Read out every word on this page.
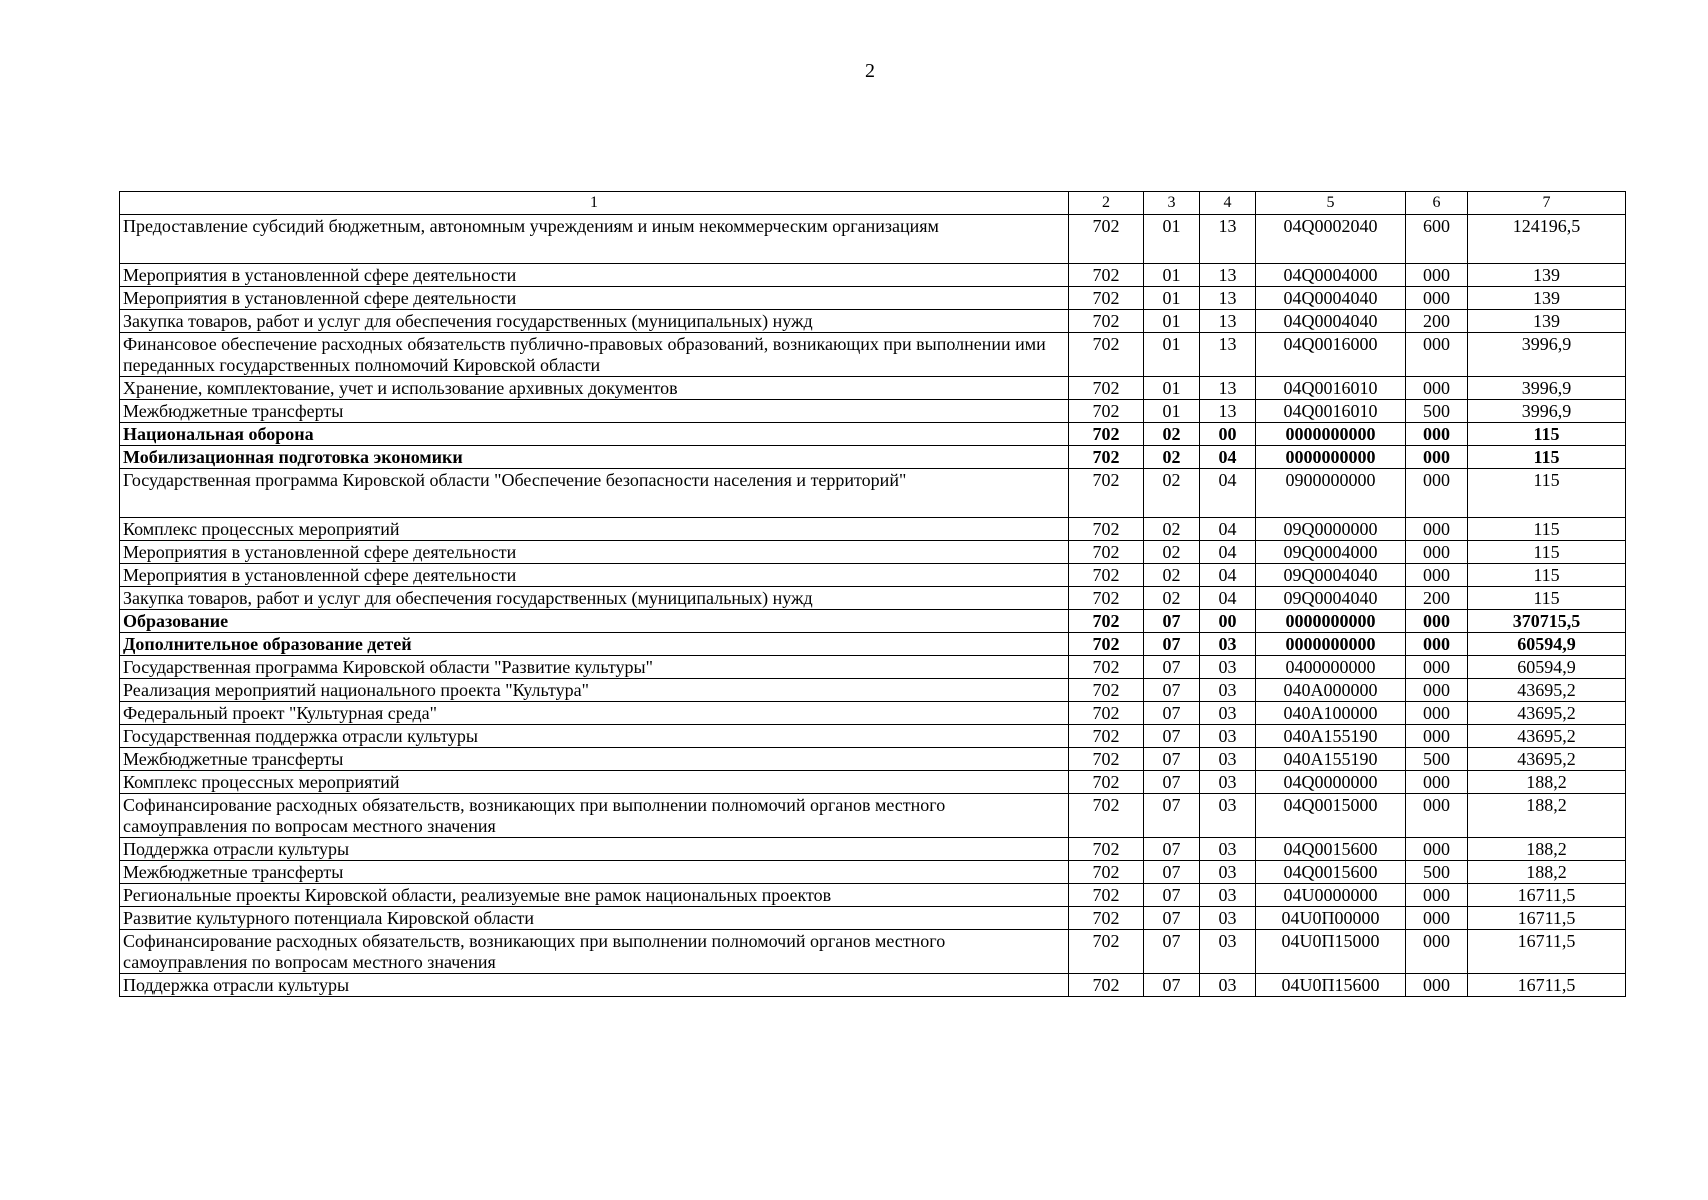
2
1	2	3	4	5	6	7
Предоставление субсидий бюджетным, автономным учреждениям и иным некоммерческим организациям	702	01	13	04Q0002040	600	124196,5
Мероприятия в установленной сфере деятельности	702	01	13	04Q0004000	000	139
Мероприятия в установленной сфере деятельности	702	01	13	04Q0004040	000	139
Закупка товаров, работ и услуг для обеспечения государственных (муниципальных) нужд	702	01	13	04Q0004040	200	139
Финансовое обеспечение расходных обязательств публично-правовых образований, возникающих при выполнении ими переданных государственных полномочий Кировской области	702	01	13	04Q0016000	000	3996,9
Хранение, комплектование, учет и использование архивных документов	702	01	13	04Q0016010	000	3996,9
Межбюджетные трансферты	702	01	13	04Q0016010	500	3996,9
Национальная оборона	702	02	00	0000000000	000	115
Мобилизационная подготовка экономики	702	02	04	0000000000	000	115
Государственная программа Кировской области "Обеспечение безопасности населения и территорий"	702	02	04	0900000000	000	115
Комплекс процессных мероприятий	702	02	04	09Q0000000	000	115
Мероприятия в установленной сфере деятельности	702	02	04	09Q0004000	000	115
Мероприятия в установленной сфере деятельности	702	02	04	09Q0004040	000	115
Закупка товаров, работ и услуг для обеспечения государственных (муниципальных) нужд	702	02	04	09Q0004040	200	115
Образование	702	07	00	0000000000	000	370715,5
Дополнительное образование детей	702	07	03	0000000000	000	60594,9
Государственная программа Кировской области "Развитие культуры"	702	07	03	0400000000	000	60594,9
Реализация мероприятий национального проекта "Культура"	702	07	03	040A000000	000	43695,2
Федеральный проект "Культурная среда"	702	07	03	040A100000	000	43695,2
Государственная поддержка отрасли культуры	702	07	03	040A155190	000	43695,2
Межбюджетные трансферты	702	07	03	040A155190	500	43695,2
Комплекс процессных мероприятий	702	07	03	04Q0000000	000	188,2
Софинансирование расходных обязательств, возникающих при выполнении полномочий органов местного самоуправления по вопросам местного значения	702	07	03	04Q0015000	000	188,2
Поддержка отрасли культуры	702	07	03	04Q0015600	000	188,2
Межбюджетные трансферты	702	07	03	04Q0015600	500	188,2
Региональные проекты Кировской области, реализуемые вне рамок национальных проектов	702	07	03	04U0000000	000	16711,5
Развитие культурного потенциала Кировской области	702	07	03	04U0П00000	000	16711,5
Софинансирование расходных обязательств, возникающих при выполнении полномочий органов местного самоуправления по вопросам местного значения	702	07	03	04U0П15000	000	16711,5
Поддержка отрасли культуры	702	07	03	04U0П15600	000	16711,5
